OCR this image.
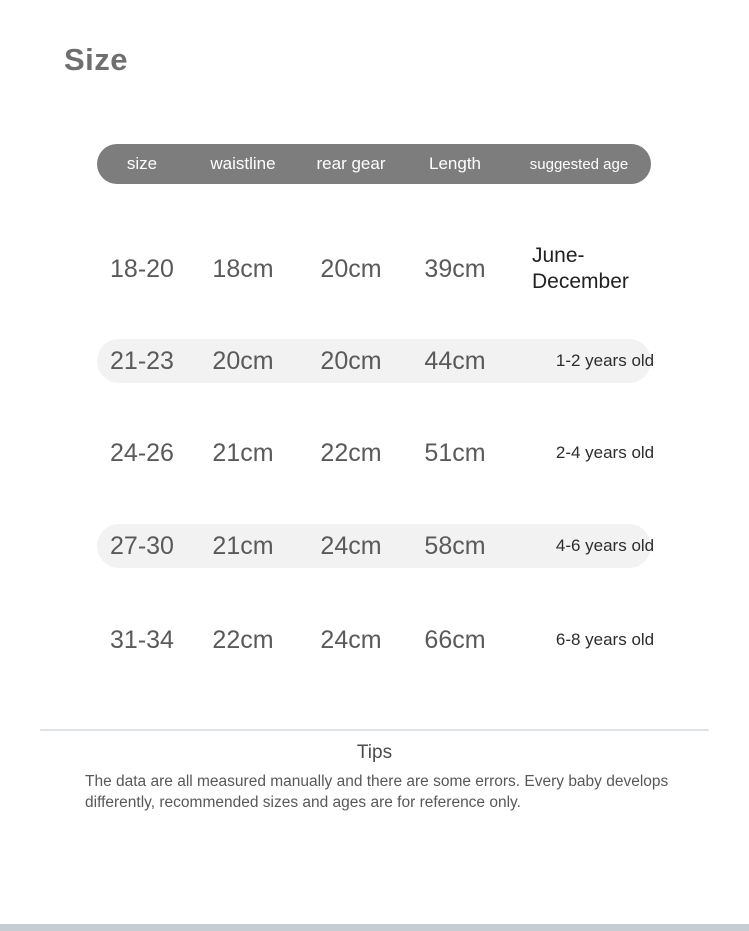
Size
size	waistline	rear gear	Length	suggested age
18-20	18cm	20cm	39cm	June-December
21-23	20cm	20cm	44cm	1-2 years old
24-26	21cm	22cm	51cm	2-4 years old
27-30	21cm	24cm	58cm	4-6 years old
31-34	22cm	24cm	66cm	6-8 years old
Tips

The data are all measured manually and there are some errors. Every baby develops differently, recommended sizes and ages are for reference only.
